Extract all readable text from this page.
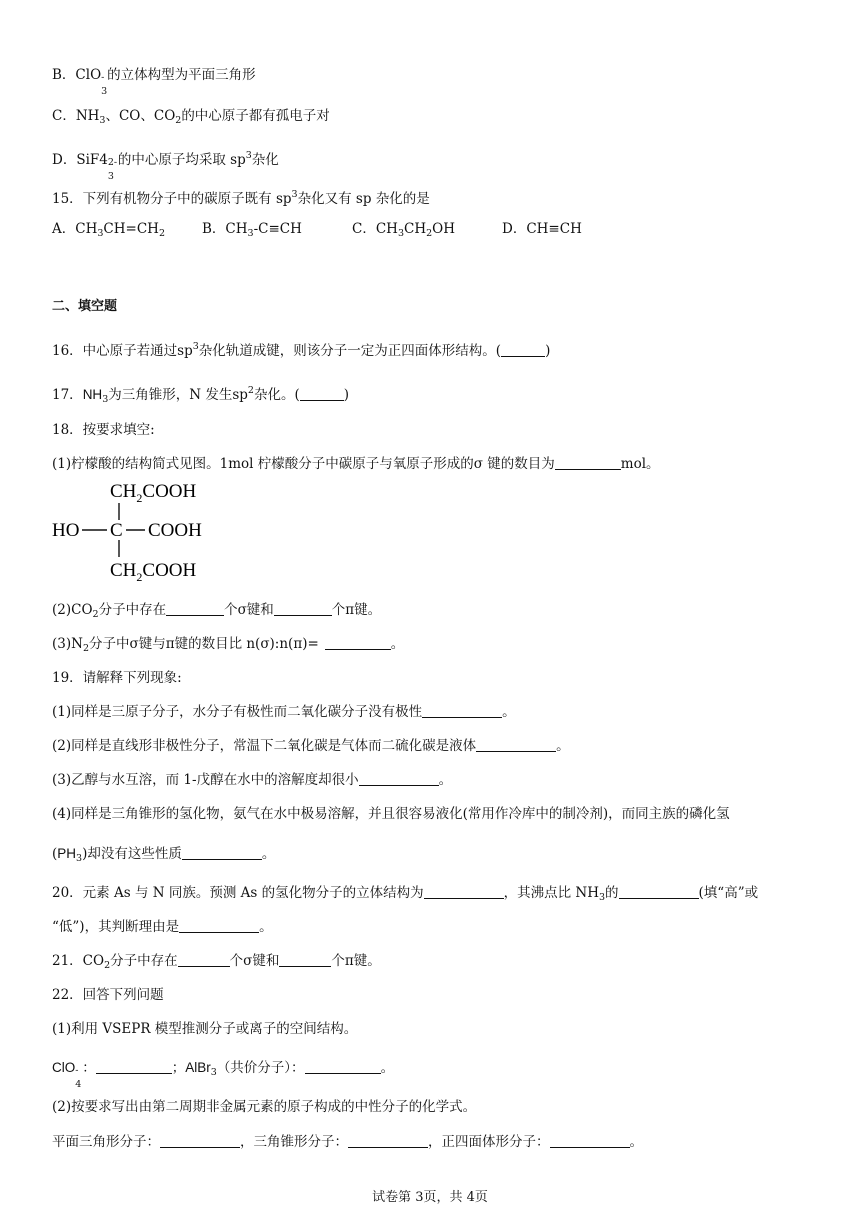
B．ClO -
3
的立体构型为平面三角形
C．$NH_3$、CO、$CO_2$的中心原子都有孤电子对
D．SiF4 2-
3
的中心原子均采取 $sp^3$杂化
15．下列有机物分子中的碳原子既有 $sp^3$杂化又有 sp 杂化的是
A．$CH_3CH=CH_2$	B．$CH_3-C\equiv CH$	C．$CH_3CH_2OH$	D．CH≡CH
二、填空题
16．中心原子若通过$sp^3$杂化轨道成键，则该分子一定为正四面体形结构。(	)
17．$NH_3$为三角锥形，N 发生$sp^2$杂化。(	)
18．按要求填空:
(1)柠檬酸的结构简式见图。1mol 柠檬酸分子中碳原子与氧原子形成的σ 键的数目为	mol。
$CH_2COOH$
HO C COOH
$CH_2COOH$
$(2)CO_2$分子中存在	个σ键和	个π键。
$(3)N_2$分子中σ键与π键的数目比 n(σ):n(π)=	。
19．请解释下列现象:
(1)同样是三原子分子，水分子有极性而二氧化碳分子没有极性	。
(2)同样是直线形非极性分子，常温下二氧化碳是气体而二硫化碳是液体	。
(3)乙醇与水互溶，而 1-戊醇在水中的溶解度却很小	。
(4)同样是三角锥形的氢化物，氨气在水中极易溶解，并且很容易液化(常用作冷库中的制冷剂)，而同主族的磷化氢
$(PH_3)$却没有这些性质	。
20．元素 As 与 N 同族。预测 As 的氢化物分子的立体结构为	，其沸点比 $NH_3$的	(填“高”或
“低”)，其判断理由是	。
21．$CO_2$分子中存在	个σ键和	个π键。
22．回答下列问题
(1)利用 VSEPR 模型推测分子或离子的空间结构。
ClO -
4
：	；AlBr$_3$（共价分子）：	。
(2)按要求写出由第二周期非金属元素的原子构成的中性分子的化学式。
平面三角形分子：	，三角锥形分子：	，正四面体形分子：	。
试卷第 3页，共 4页
